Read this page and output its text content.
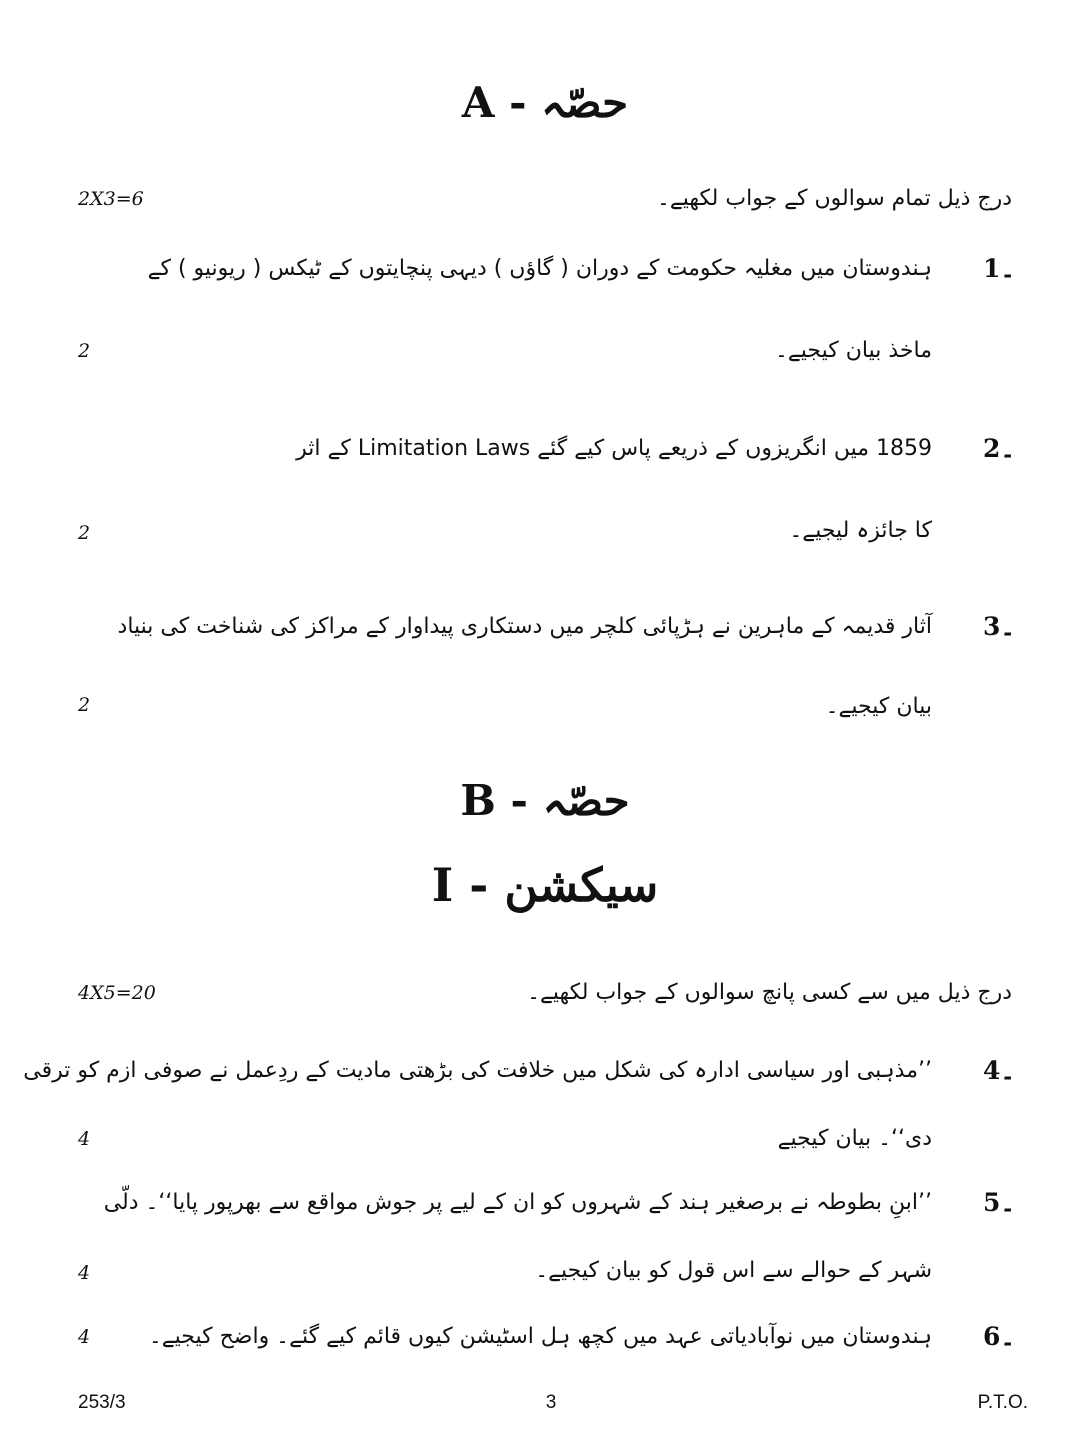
حصّہ - A
درج ذیل تمام سوالوں کے جواب لکھیے۔
2X3=6
1۔
ہندوستان میں مغلیہ حکومت کے دوران ( گاؤں ) دیہی پنچایتوں کے ٹیکس ( ریونیو ) کے
ماخذ بیان کیجیے۔
2
2۔
1859 میں انگریزوں کے ذریعے پاس کیے گئے Limitation Laws کے اثر
کا جائزہ لیجیے۔
2
3۔
آثار قدیمہ کے ماہرین نے ہڑپائی کلچر میں دستکاری پیداوار کے مراکز کی شناخت کی بنیاد
بیان کیجیے۔
2
حصّہ - B
سیکشن - I
درج ذیل میں سے کسی پانچ سوالوں کے جواب لکھیے۔
4X5=20
4۔
’’مذہبی اور سیاسی ادارہ کی شکل میں خلافت کی بڑھتی مادیت کے ردِعمل نے صوفی ازم کو ترقی
دی‘‘۔ بیان کیجیے
4
5۔
’’ابنِ بطوطہ نے برصغیر ہند کے شہروں کو ان کے لیے پر جوش مواقع سے بھرپور پایا‘‘۔ دلّی
شہر کے حوالے سے اس قول کو بیان کیجیے۔
4
6۔
ہندوستان میں نوآبادیاتی عہد میں کچھ ہل اسٹیشن کیوں قائم کیے گئے۔ واضح کیجیے۔
4
253/3	3	P.T.O.
